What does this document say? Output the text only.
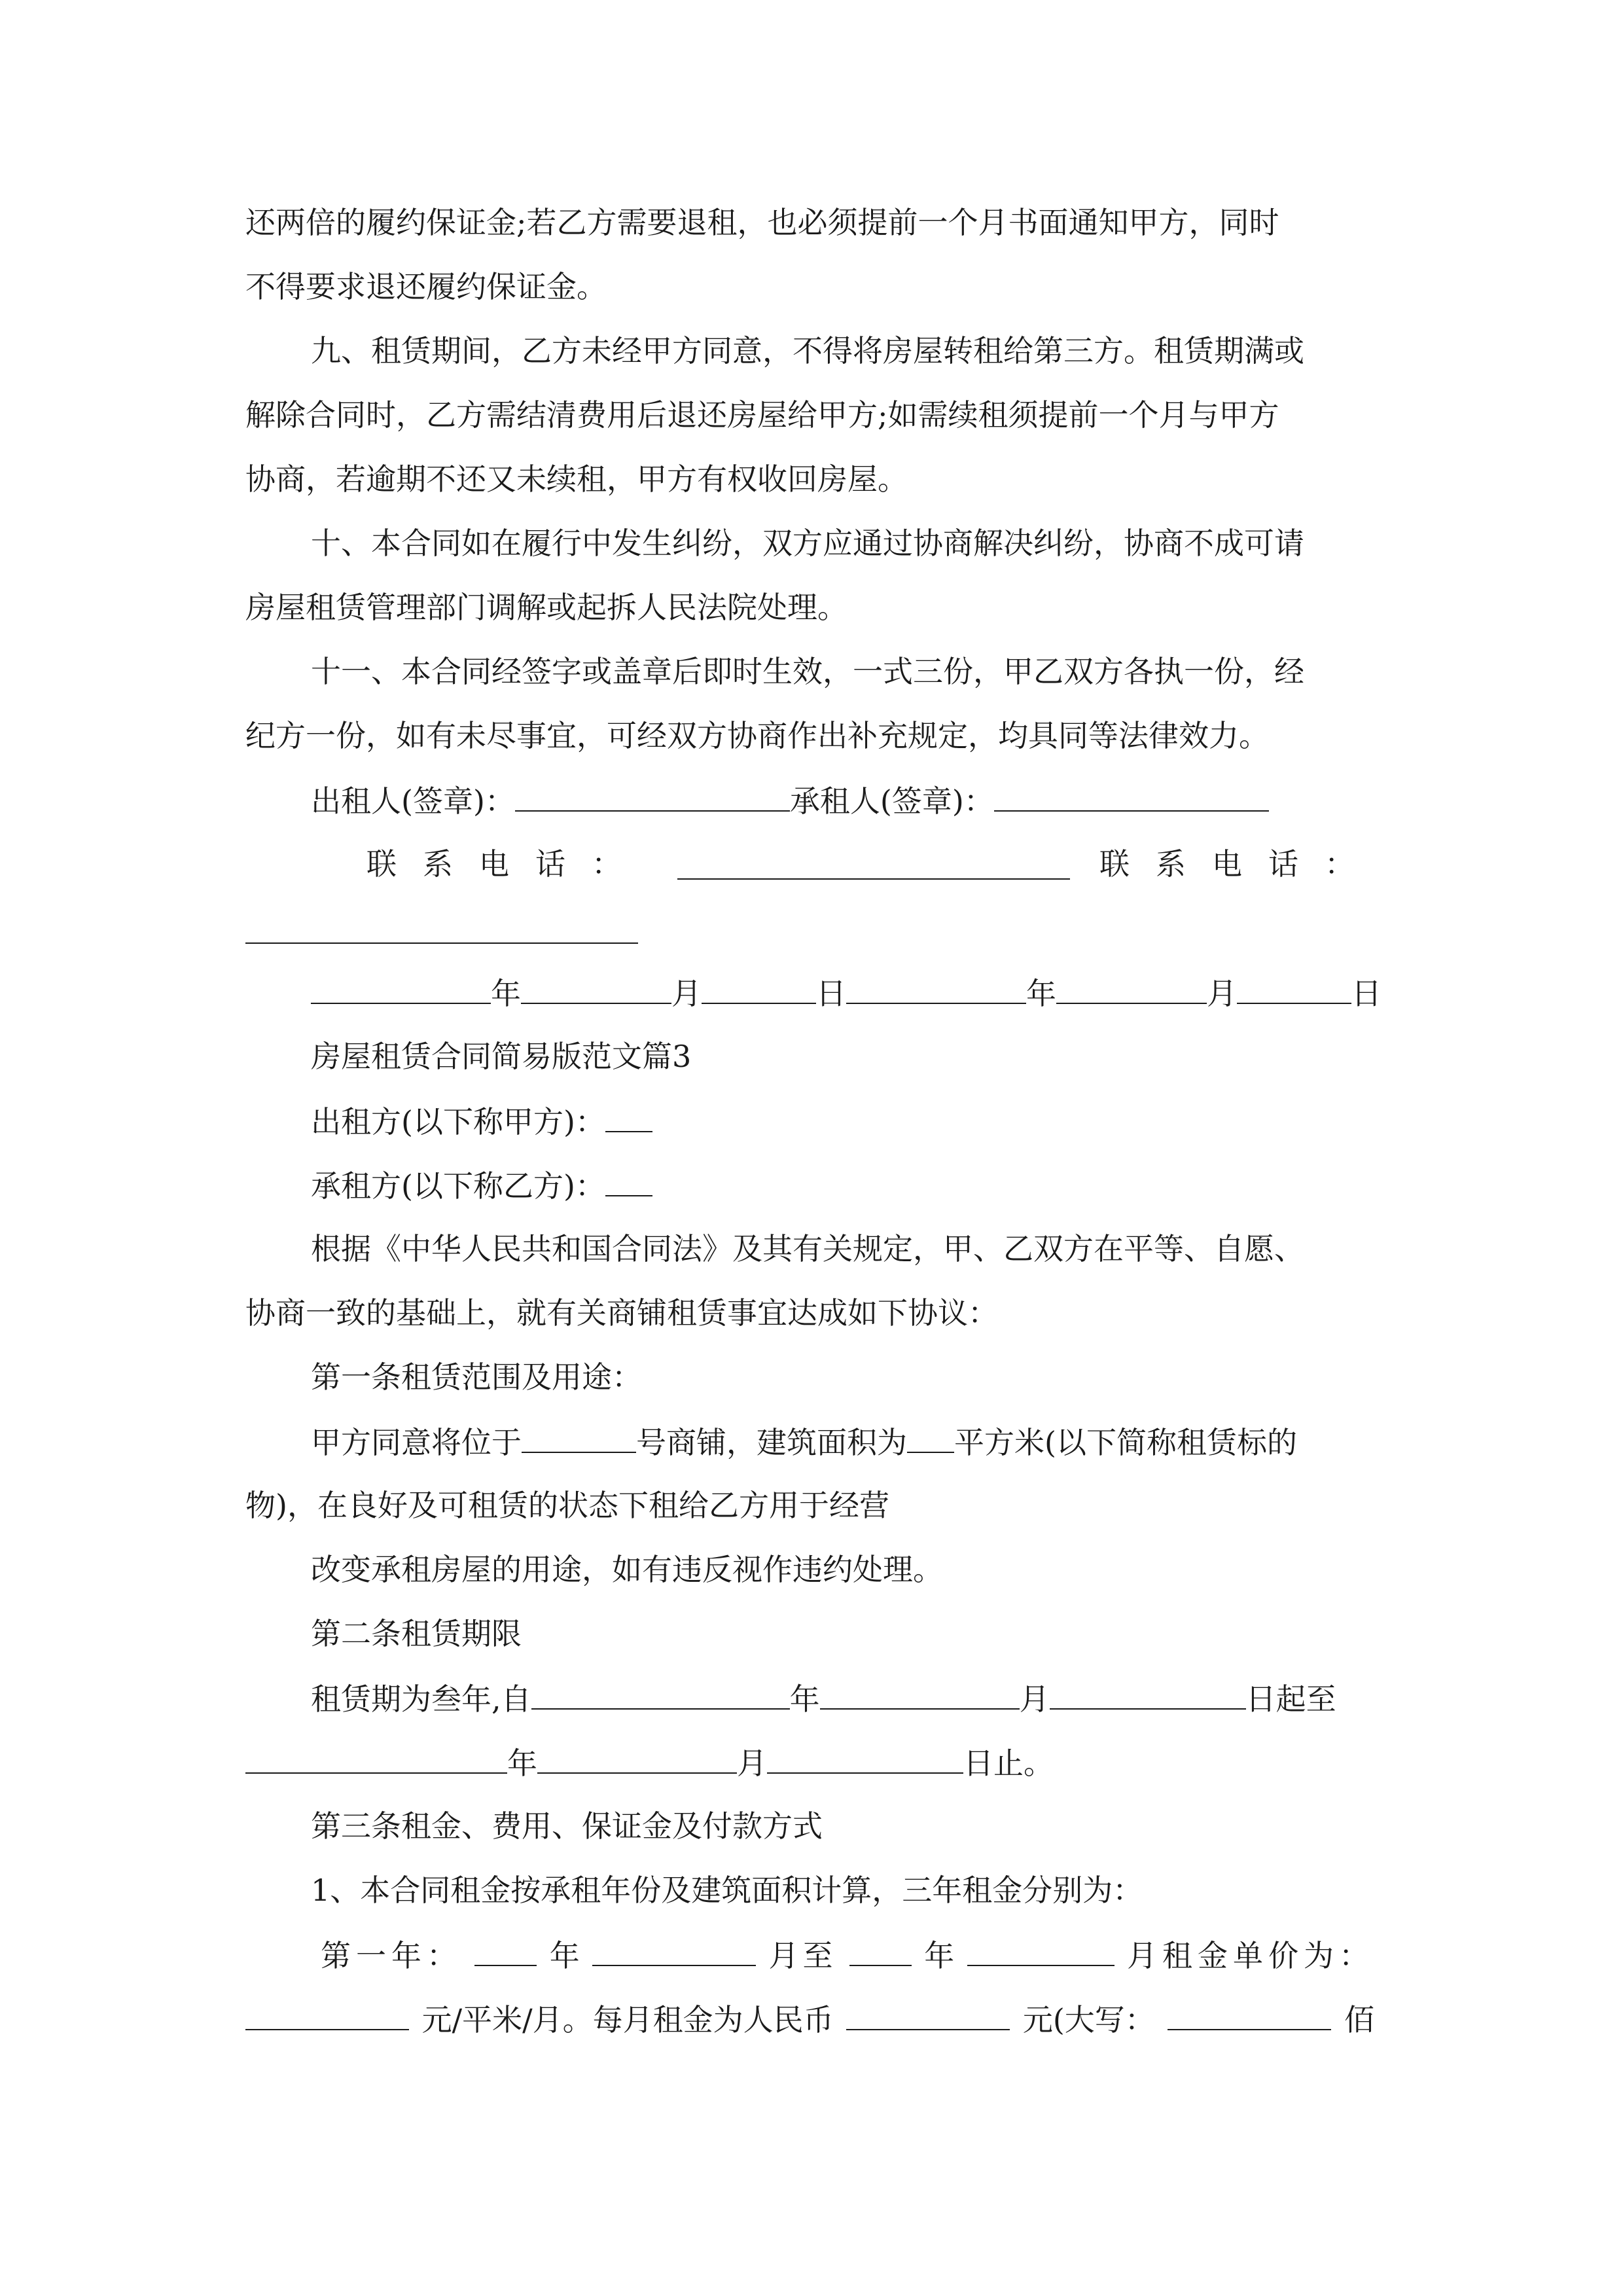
还两倍的履约保证金;若乙方需要退租，也必须提前一个月书面通知甲方，同时

不得要求退还履约保证金。

九、租赁期间，乙方未经甲方同意，不得将房屋转租给第三方。租赁期满或

解除合同时，乙方需结清费用后退还房屋给甲方;如需续租须提前一个月与甲方

协商，若逾期不还又未续租，甲方有权收回房屋。

十、本合同如在履行中发生纠纷，双方应通过协商解决纠纷，协商不成可请

房屋租赁管理部门调解或起拆人民法院处理。

十一、本合同经签字或盖章后即时生效，一式三份，甲乙双方各执一份，经

纪方一份，如有未尽事宜，可经双方协商作出补充规定，均具同等法律效力。

出租人(签章)：	承租人(签章)：

联系电话：	联系电话：

年	月	日	年	月	日

房屋租赁合同简易版范文篇3

出租方(以下称甲方)：

承租方(以下称乙方)：

根据《中华人民共和国合同法》及其有关规定，甲、乙双方在平等、自愿、

协商一致的基础上，就有关商铺租赁事宜达成如下协议：

第一条租赁范围及用途：

甲方同意将位于	号商铺，建筑面积为 平方米(以下简称租赁标的

物)，在良好及可租赁的状态下租给乙方用于经营

改变承租房屋的用途，如有违反视作违约处理。

第二条租赁期限

租赁期为叁年,自	年	月	日起至

年	月	日止。

第三条租金、费用、保证金及付款方式

1、本合同租金按承租年份及建筑面积计算，三年租金分别为：

第一年：	年	月至	年	月租金单价为：

元/平米/月。每月租金为人民币	元(大写：	佰
